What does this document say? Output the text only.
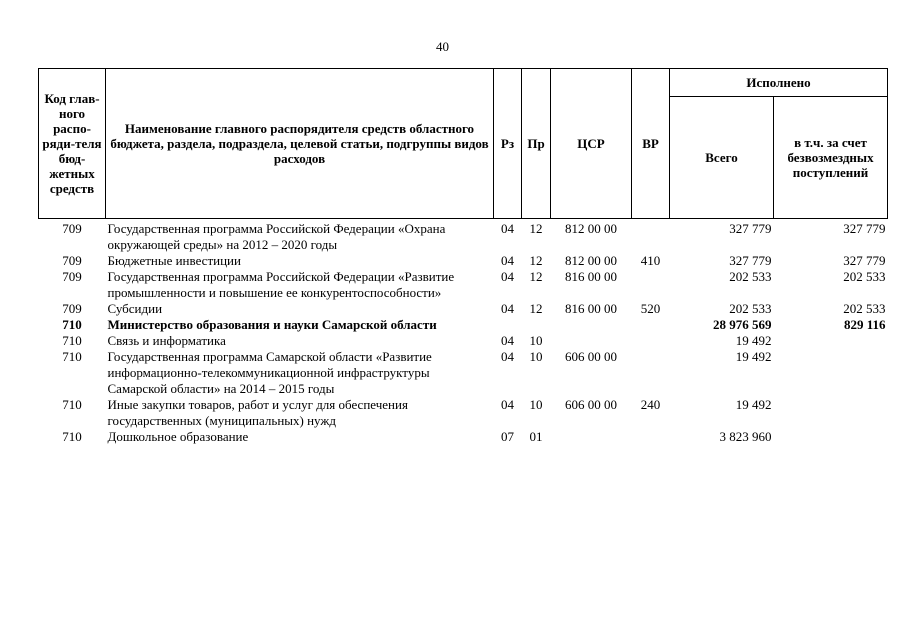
40
Код глав-ного распо-ряди-теля бюд-жетных средств	Наименование главного распорядителя средств областного бюджета, раздела, подраздела, целевой статьи, подгруппы видов расходов	Рз	Пр	ЦСР	ВР	Исполнено	
						Всего	в т.ч. за счет безвозмездных поступлений

709	Государственная программа Российской Федерации «Охрана окружающей среды» на 2012 – 2020 годы	04	12	812 00 00		327 779	327 779
709	Бюджетные инвестиции	04	12	812 00 00	410	327 779	327 779
709	Государственная программа Российской Федерации «Развитие промышленности и повышение ее конкурентоспособности»	04	12	816 00 00		202 533	202 533
709	Субсидии	04	12	816 00 00	520	202 533	202 533
710	Министерство образования и науки Самарской области					28 976 569	829 116
710	Связь и информатика	04	10			19 492	
710	Государственная программа Самарской области «Развитие информационно-телекоммуникационной инфраструктуры Самарской области» на 2014 – 2015 годы	04	10	606 00 00		19 492	
710	Иные закупки товаров, работ и услуг для обеспечения государственных (муниципальных) нужд	04	10	606 00 00	240	19 492	
710	Дошкольное образование	07	01			3 823 960	
